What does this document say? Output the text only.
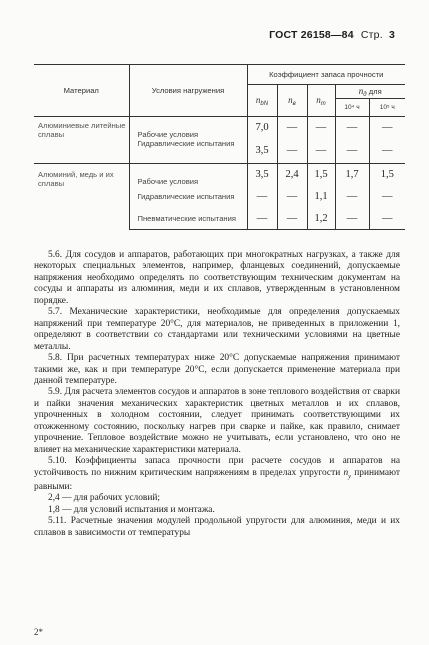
ГОСТ 26158—84 Стр. 3
Материал	Условия нагружения	Коэффициент запаса прочности				
		$n_{bN}$	$n_в$	$n_т$	$n_д$ для	
					10⁴ ч	10⁵ ч
Алюминиевые литейные сплавы	Рабочие условия	7,0	—	—	—	—
	Гидравлические испытания	3,5	—	—	—	—
Алюминий, медь и их сплавы	Рабочие условия	3,5	2,4	1,5	1,7	1,5
	Гидравлические испытания	—	—	1,1	—	—
	Пневматические испытания	—	—	1,2	—	—

5.6. Для сосудов и аппаратов, работающих при многократных нагрузках, а также для некоторых специальных элементов, например, фланцевых соединений, допускаемые напряжения необходимо определять по соответствующим техническим документам на сосуды и аппараты из алюминия, меди и их сплавов, утвержденным в установленном порядке.

5.7. Механические характеристики, необходимые для определения допускаемых напряжений при температуре 20°С, для материалов, не приведенных в приложении 1, определяют в соответствии со стандартами или техническими условиями на цветные металлы.

5.8. При расчетных температурах ниже 20°С допускаемые напряжения принимают такими же, как и при температуре 20°С, если допускается применение материала при данной температуре.

5.9. Для расчета элементов сосудов и аппаратов в зоне теплового воздействия от сварки и пайки значения механических характеристик цветных металлов и их сплавов, упрочненных в холодном состоянии, следует принимать соответствующими их отожженному состоянию, поскольку нагрев при сварке и пайке, как правило, снимает упрочнение. Тепловое воздействие можно не учитывать, если установлено, что оно не влияет на механические характеристики материала.

5.10. Коэффициенты запаса прочности при расчете сосудов и аппаратов на устойчивость по нижним критическим напряжениям в пределах упругости $n_y$ принимают равными:

2,4 — для рабочих условий;

1,8 — для условий испытания и монтажа.

5.11. Расчетные значения модулей продольной упругости для алюминия, меди и их сплавов в зависимости от температуры

2*
